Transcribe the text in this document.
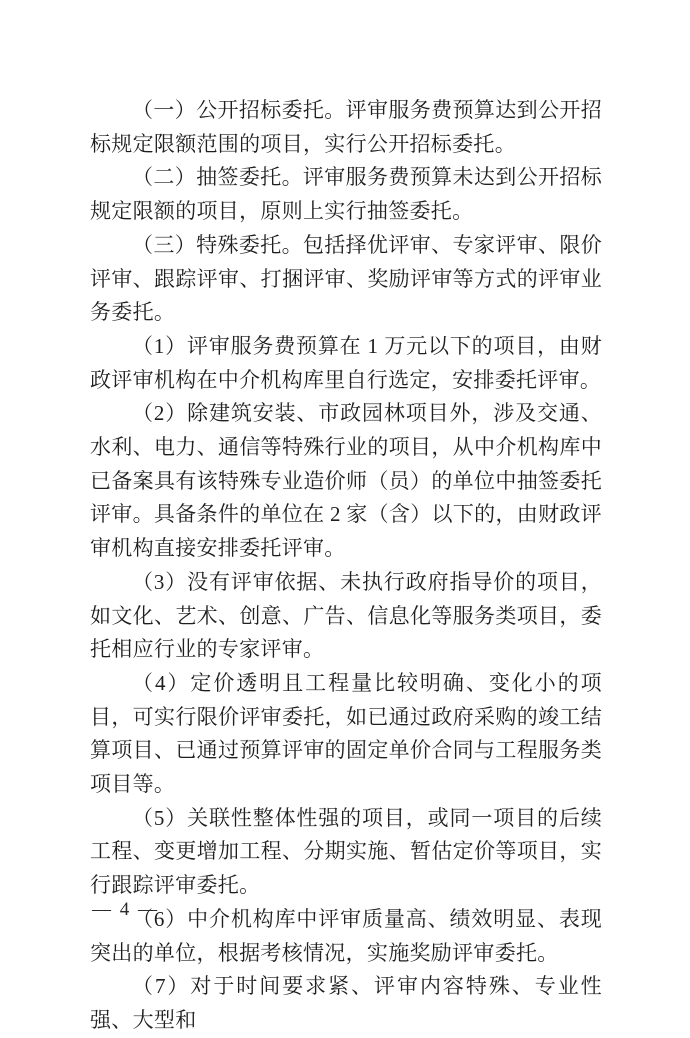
（一）公开招标委托。评审服务费预算达到公开招标规定限额范围的项目，实行公开招标委托。

（二）抽签委托。评审服务费预算未达到公开招标规定限额的项目，原则上实行抽签委托。

（三）特殊委托。包括择优评审、专家评审、限价评审、跟踪评审、打捆评审、奖励评审等方式的评审业务委托。

（1）评审服务费预算在 1 万元以下的项目，由财政评审机构在中介机构库里自行选定，安排委托评审。

（2）除建筑安装、市政园林项目外，涉及交通、水利、电力、通信等特殊行业的项目，从中介机构库中已备案具有该特殊专业造价师（员）的单位中抽签委托评审。具备条件的单位在 2 家（含）以下的，由财政评审机构直接安排委托评审。

（3）没有评审依据、未执行政府指导价的项目，如文化、艺术、创意、广告、信息化等服务类项目，委托相应行业的专家评审。

（4）定价透明且工程量比较明确、变化小的项目，可实行限价评审委托，如已通过政府采购的竣工结算项目、已通过预算评审的固定单价合同与工程服务类项目等。

（5）关联性整体性强的项目，或同一项目的后续工程、变更增加工程、分期实施、暂估定价等项目，实行跟踪评审委托。

（6）中介机构库中评审质量高、绩效明显、表现突出的单位，根据考核情况，实施奖励评审委托。

（7）对于时间要求紧、评审内容特殊、专业性强、大型和

— 4 —
